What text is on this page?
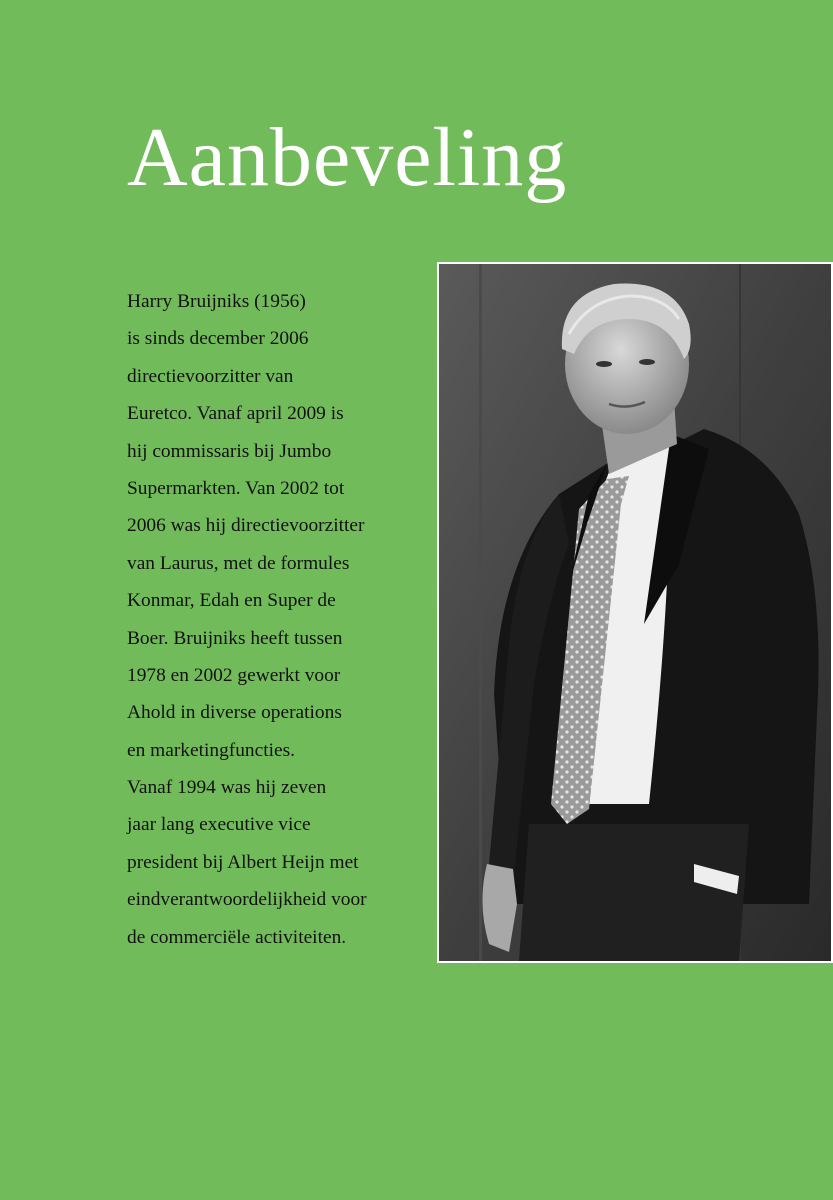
Aanbeveling
Harry Bruijniks (1956)
is sinds december 2006
directievoorzitter van
Euretco. Vanaf april 2009 is
hij commissaris bij Jumbo
Supermarkten. Van 2002 tot
2006 was hij directievoorzitter
van Laurus, met de formules
Konmar, Edah en Super de
Boer. Bruijniks heeft tussen
1978 en 2002 gewerkt voor
Ahold in diverse operations
en marketingfuncties.
Vanaf 1994 was hij zeven
jaar lang executive vice
president bij Albert Heijn met
eindverantwoordelijkheid voor
de commerciële activiteiten.
